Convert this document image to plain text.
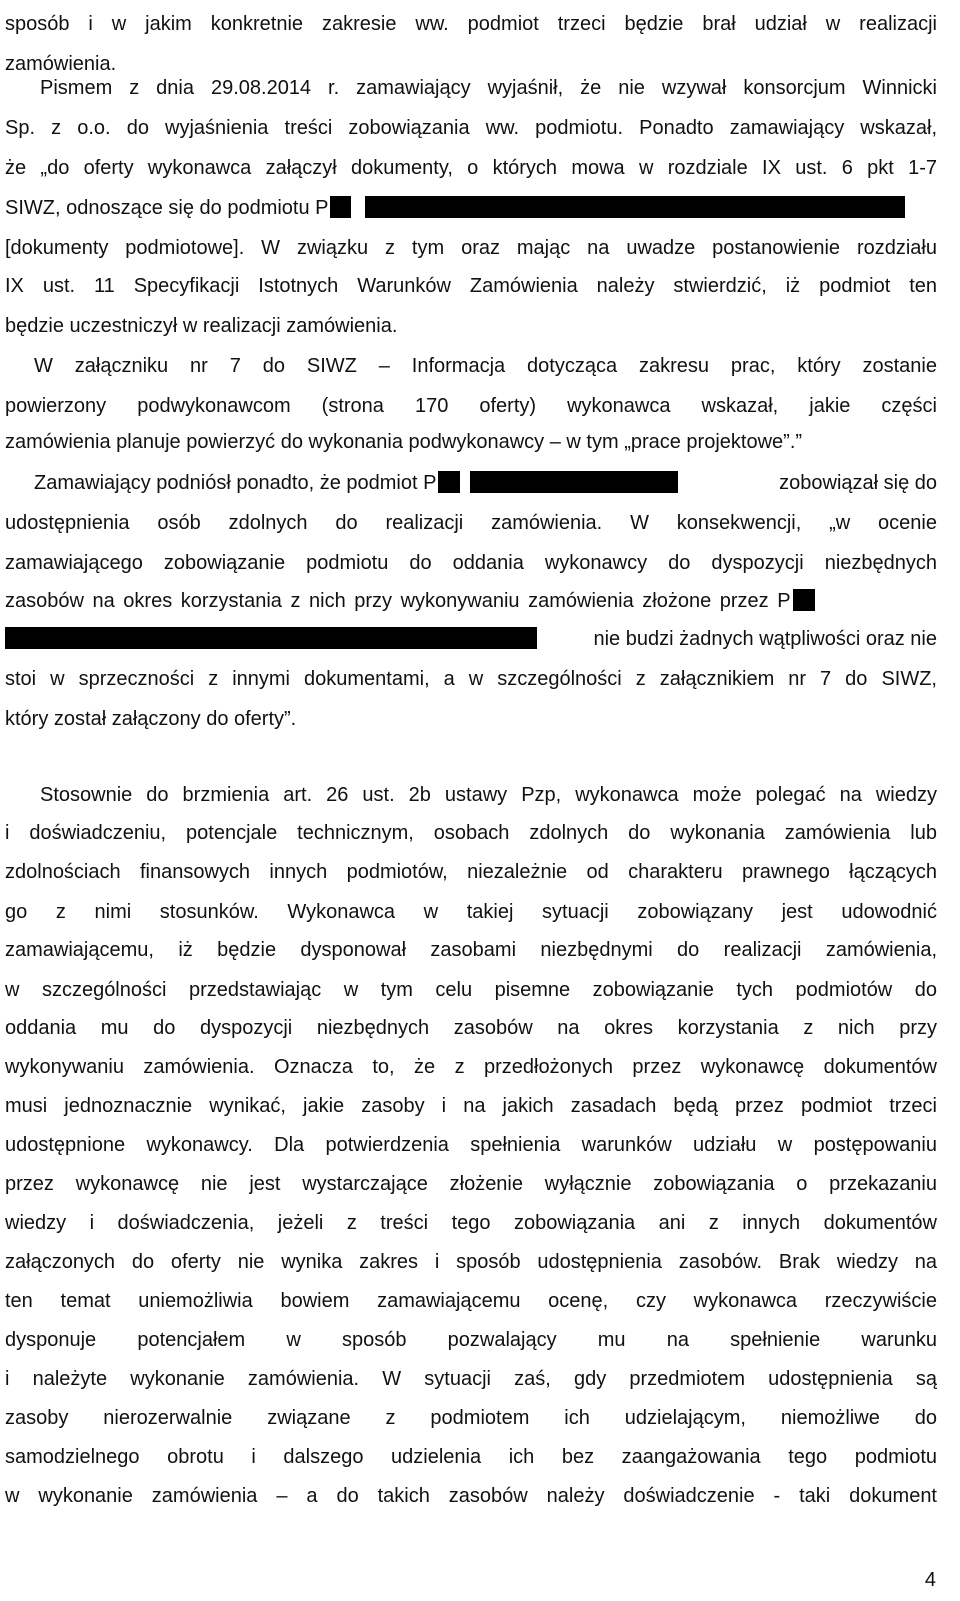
sposób i w jakim konkretnie zakresie ww. podmiot trzeci będzie brał udział w realizacji
zamówienia.
Pismem z dnia 29.08.2014 r. zamawiający wyjaśnił, że nie wzywał konsorcjum Winnicki
Sp. z o.o. do wyjaśnienia treści zobowiązania ww. podmiotu. Ponadto zamawiający wskazał,
że „do oferty wykonawca załączył dokumenty, o których mowa w rozdziale IX ust. 6 pkt 1-7
SIWZ, odnoszące się do podmiotu P
[dokumenty podmiotowe]. W związku z tym oraz mając na uwadze postanowienie rozdziału
IX ust. 11 Specyfikacji Istotnych Warunków Zamówienia należy stwierdzić, iż podmiot ten
będzie uczestniczył w realizacji zamówienia.
W załączniku nr 7 do SIWZ – Informacja dotycząca zakresu prac, który zostanie
powierzony podwykonawcom (strona 170 oferty) wykonawca wskazał, jakie części
zamówienia planuje powierzyć do wykonania podwykonawcy – w tym „prace projektowe”.”
Zamawiający podniósł ponadto, że podmiot P	zobowiązał się do
udostępnienia osób zdolnych do realizacji zamówienia. W konsekwencji, „w ocenie
zamawiającego zobowiązanie podmiotu do oddania wykonawcy do dyspozycji niezbędnych
zasobów na okres korzystania z nich przy wykonywaniu zamówienia złożone przez P
nie budzi żadnych wątpliwości oraz nie
stoi w sprzeczności z innymi dokumentami, a w szczególności z załącznikiem nr 7 do SIWZ,
który został załączony do oferty”.
Stosownie do brzmienia art. 26 ust. 2b ustawy Pzp, wykonawca może polegać na wiedzy
i doświadczeniu, potencjale technicznym, osobach zdolnych do wykonania zamówienia lub
zdolnościach finansowych innych podmiotów, niezależnie od charakteru prawnego łączących
go z nimi stosunków. Wykonawca w takiej sytuacji zobowiązany jest udowodnić
zamawiającemu, iż będzie dysponował zasobami niezbędnymi do realizacji zamówienia,
w szczególności przedstawiając w tym celu pisemne zobowiązanie tych podmiotów do
oddania mu do dyspozycji niezbędnych zasobów na okres korzystania z nich przy
wykonywaniu zamówienia. Oznacza to, że z przedłożonych przez wykonawcę dokumentów
musi jednoznacznie wynikać, jakie zasoby i na jakich zasadach będą przez podmiot trzeci
udostępnione wykonawcy. Dla potwierdzenia spełnienia warunków udziału w postępowaniu
przez wykonawcę nie jest wystarczające złożenie wyłącznie zobowiązania o przekazaniu
wiedzy i doświadczenia, jeżeli z treści tego zobowiązania ani z innych dokumentów
załączonych do oferty nie wynika zakres i sposób udostępnienia zasobów. Brak wiedzy na
ten temat uniemożliwia bowiem zamawiającemu ocenę, czy wykonawca rzeczywiście
dysponuje potencjałem w sposób pozwalający mu na spełnienie warunku
i należyte wykonanie zamówienia. W sytuacji zaś, gdy przedmiotem udostępnienia są
zasoby nierozerwalnie związane z podmiotem ich udzielającym, niemożliwe do
samodzielnego obrotu i dalszego udzielenia ich bez zaangażowania tego podmiotu
w wykonanie zamówienia – a do takich zasobów należy doświadczenie - taki dokument
4
